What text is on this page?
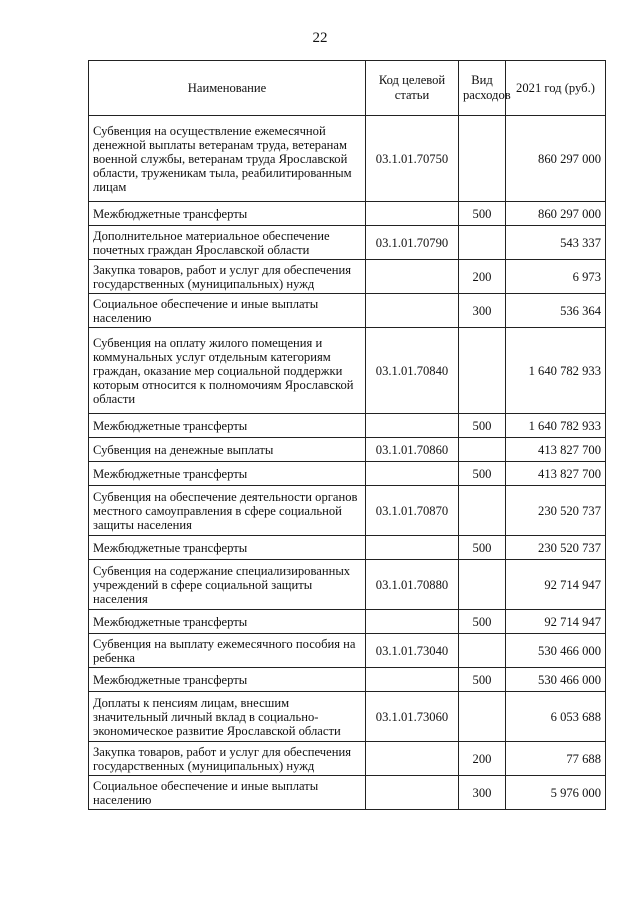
22
Наименование	Код целевой статьи	Вид расходов	2021 год (руб.)
Субвенция на осуществление ежемесячной денежной выплаты ветеранам труда, ветеранам военной службы, ветеранам труда Ярославской области, труженикам тыла, реабилитированным лицам	03.1.01.70750		860 297 000
Межбюджетные трансферты		500	860 297 000
Дополнительное материальное обеспечение почетных граждан Ярославской области	03.1.01.70790		543 337
Закупка товаров, работ и услуг для обеспечения государственных (муниципальных) нужд		200	6 973
Социальное обеспечение и иные выплаты населению		300	536 364
Субвенция на оплату жилого помещения и коммунальных услуг отдельным категориям граждан, оказание мер социальной поддержки которым относится к полномочиям Ярославской области	03.1.01.70840		1 640 782 933
Межбюджетные трансферты		500	1 640 782 933
Субвенция на денежные выплаты	03.1.01.70860		413 827 700
Межбюджетные трансферты		500	413 827 700
Субвенция на обеспечение деятельности органов местного самоуправления в сфере социальной защиты населения	03.1.01.70870		230 520 737
Межбюджетные трансферты		500	230 520 737
Субвенция на содержание специализированных учреждений в сфере социальной защиты населения	03.1.01.70880		92 714 947
Межбюджетные трансферты		500	92 714 947
Субвенция на выплату ежемесячного пособия на ребенка	03.1.01.73040		530 466 000
Межбюджетные трансферты		500	530 466 000
Доплаты к пенсиям лицам, внесшим значительный личный вклад в социально-экономическое развитие Ярославской области	03.1.01.73060		6 053 688
Закупка товаров, работ и услуг для обеспечения государственных (муниципальных) нужд		200	77 688
Социальное обеспечение и иные выплаты населению		300	5 976 000
